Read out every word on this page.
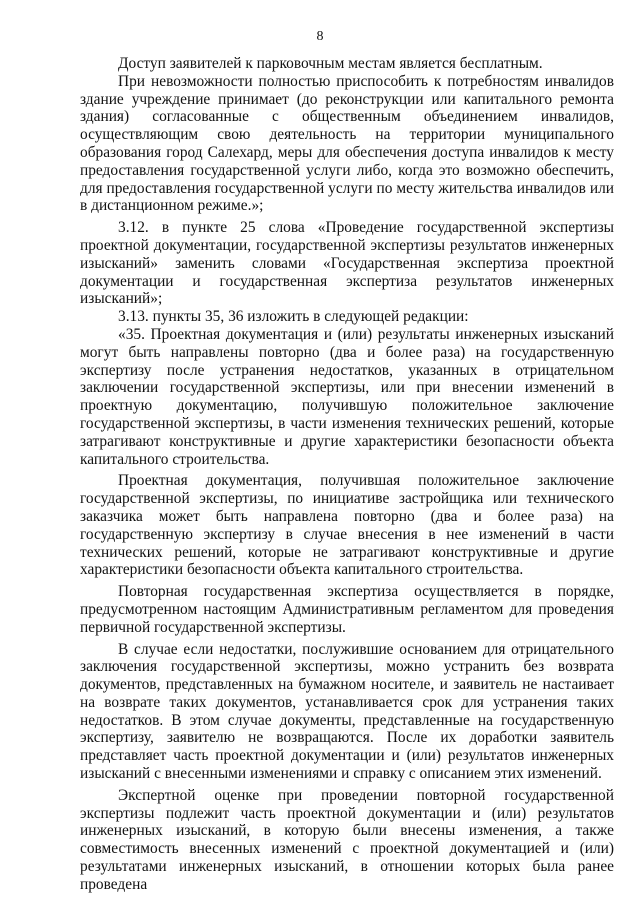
8

Доступ заявителей к парковочным местам является бесплатным.

При невозможности полностью приспособить к потребностям инвалидов здание учреждение принимает (до реконструкции или капитального ремонта здания) согласованные с общественным объединением инвалидов, осуществляющим свою деятельность на территории муниципального образования город Салехард, меры для обеспечения доступа инвалидов к месту предоставления государственной услуги либо, когда это возможно обеспечить, для предоставления государственной услуги по месту жительства инвалидов или в дистанционном режиме.»;

3.12. в пункте 25 слова «Проведение государственной экспертизы проектной документации, государственной экспертизы результатов инженерных изысканий» заменить словами «Государственная экспертиза проектной документации и государственная экспертиза результатов инженерных изысканий»;

3.13. пункты 35, 36 изложить в следующей редакции:

«35. Проектная документация и (или) результаты инженерных изысканий могут быть направлены повторно (два и более раза) на государственную экспертизу после устранения недостатков, указанных в отрицательном заключении государственной экспертизы, или при внесении изменений в проектную документацию, получившую положительное заключение государственной экспертизы, в части изменения технических решений, которые затрагивают конструктивные и другие характеристики безопасности объекта капитального строительства.

Проектная документация, получившая положительное заключение государственной экспертизы, по инициативе застройщика или технического заказчика может быть направлена повторно (два и более раза) на государственную экспертизу в случае внесения в нее изменений в части технических решений, которые не затрагивают конструктивные и другие характеристики безопасности объекта капитального строительства.

Повторная государственная экспертиза осуществляется в порядке, предусмотренном настоящим Административным регламентом для проведения первичной государственной экспертизы.

В случае если недостатки, послужившие основанием для отрицательного заключения государственной экспертизы, можно устранить без возврата документов, представленных на бумажном носителе, и заявитель не настаивает на возврате таких документов, устанавливается срок для устранения таких недостатков. В этом случае документы, представленные на государственную экспертизу, заявителю не возвращаются. После их доработки заявитель представляет часть проектной документации и (или) результатов инженерных изысканий с внесенными изменениями и справку с описанием этих изменений.

Экспертной оценке при проведении повторной государственной экспертизы подлежит часть проектной документации и (или) результатов инженерных изысканий, в которую были внесены изменения, а также совместимость внесенных изменений с проектной документацией и (или) результатами инженерных изысканий, в отношении которых была ранее проведена
